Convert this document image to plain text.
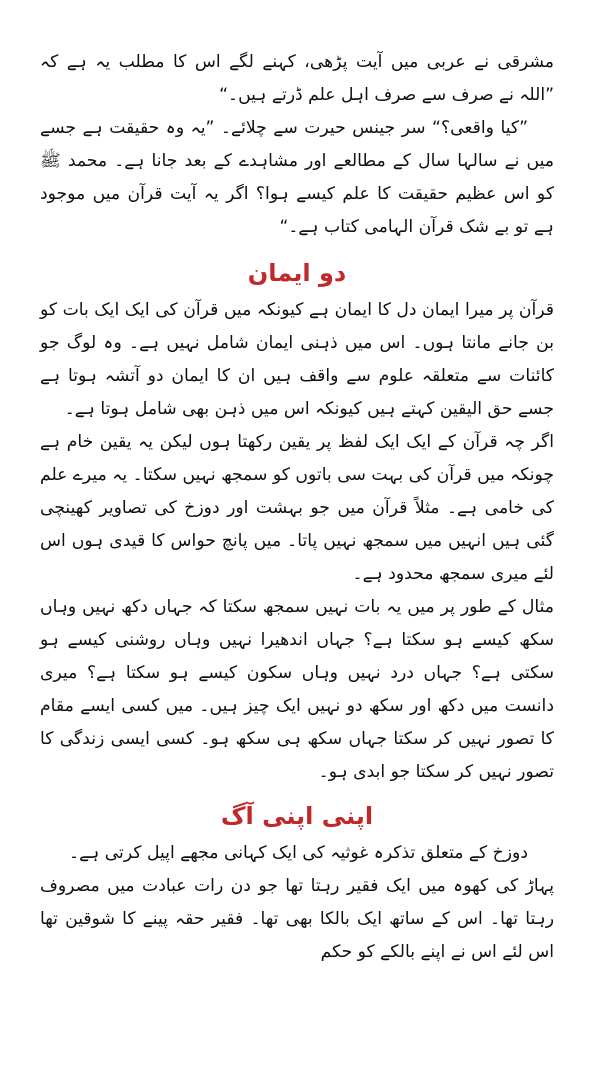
مشرقی نے عربی میں آیت پڑھی، کہنے لگے اس کا مطلب یہ ہے کہ ”اللہ نے صرف سے صرف اہل علم ڈرتے ہیں۔“

”کیا واقعی؟“ سر جینس حیرت سے چلائے۔ ”یہ وہ حقیقت ہے جسے میں نے سالہا سال کے مطالعے اور مشاہدے کے بعد جانا ہے۔ محمد ﷺ کو اس عظیم حقیقت کا علم کیسے ہوا؟ اگر یہ آیت قرآن میں موجود ہے تو بے شک قرآن الہامی کتاب ہے۔“

دو ایمان

قرآن پر میرا ایمان دل کا ایمان ہے کیونکہ میں قرآن کی ایک ایک بات کو بن جانے مانتا ہوں۔ اس میں ذہنی ایمان شامل نہیں ہے۔ وہ لوگ جو کائنات سے متعلقہ علوم سے واقف ہیں ان کا ایمان دو آتشہ ہوتا ہے جسے حق الیقین کہتے ہیں کیونکہ اس میں ذہن بھی شامل ہوتا ہے۔

اگر چہ قرآن کے ایک ایک لفظ پر یقین رکھتا ہوں لیکن یہ یقین خام ہے چونکہ میں قرآن کی بہت سی باتوں کو سمجھ نہیں سکتا۔ یہ میرے علم کی خامی ہے۔ مثلاً قرآن میں جو بہشت اور دوزخ کی تصاویر کھینچی گئی ہیں انہیں میں سمجھ نہیں پاتا۔ میں پانچ حواس کا قیدی ہوں اس لئے میری سمجھ محدود ہے۔

مثال کے طور پر میں یہ بات نہیں سمجھ سکتا کہ جہاں دکھ نہیں وہاں سکھ کیسے ہو سکتا ہے؟ جہاں اندھیرا نہیں وہاں روشنی کیسے ہو سکتی ہے؟ جہاں درد نہیں وہاں سکون کیسے ہو سکتا ہے؟ میری دانست میں دکھ اور سکھ دو نہیں ایک چیز ہیں۔ میں کسی ایسے مقام کا تصور نہیں کر سکتا جہاں سکھ ہی سکھ ہو۔ کسی ایسی زندگی کا تصور نہیں کر سکتا جو ابدی ہو۔

اپنی اپنی آگ

دوزخ کے متعلق تذکرہ غوثیہ کی ایک کہانی مجھے اپیل کرتی ہے۔

پہاڑ کی کھوہ میں ایک فقیر رہتا تھا جو دن رات عبادت میں مصروف رہتا تھا۔ اس کے ساتھ ایک بالکا بھی تھا۔ فقیر حقہ پینے کا شوقین تھا اس لئے اس نے اپنے بالکے کو حکم
